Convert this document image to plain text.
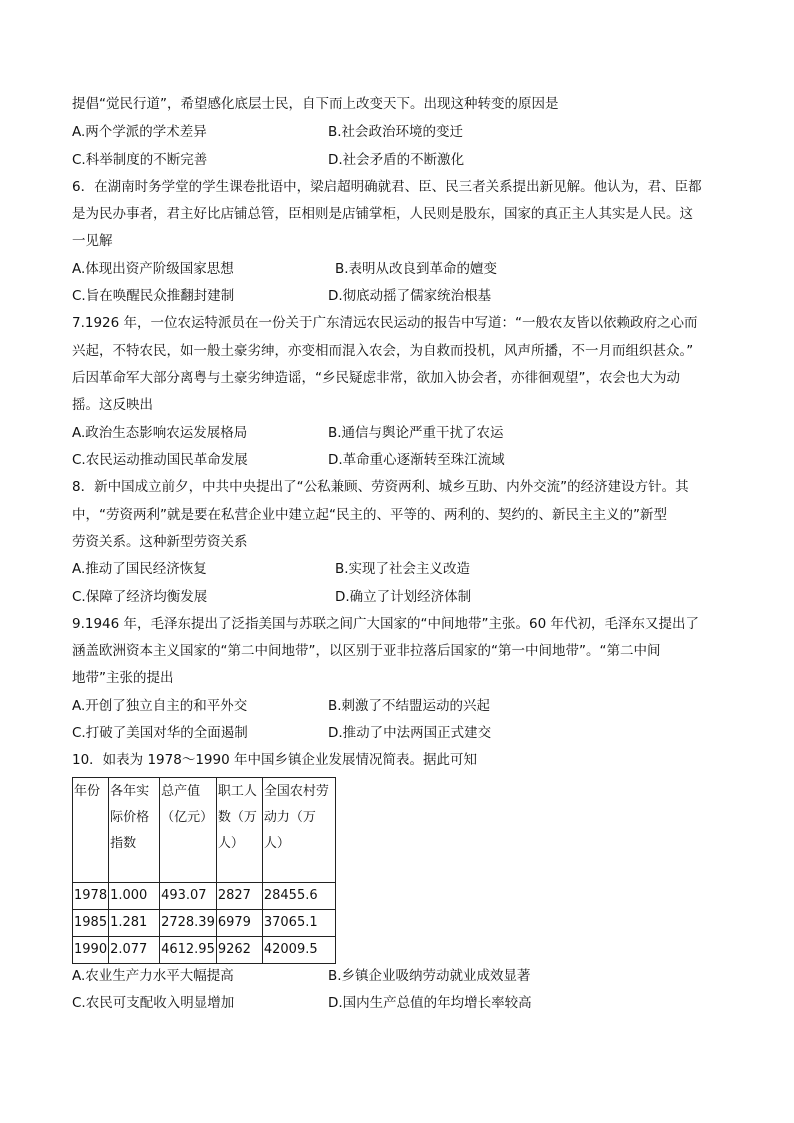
提倡“觉民行道”，希望感化底层士民，自下而上改变天下。出现这种转变的原因是
A.两个学派的学术差异	B.社会政治环境的变迁
C.科举制度的不断完善	D.社会矛盾的不断激化
6．在湖南时务学堂的学生课卷批语中，梁启超明确就君、臣、民三者关系提出新见解。他认为，君、臣都
是为民办事者，君主好比店铺总管，臣相则是店铺掌柜，人民则是股东，国家的真正主人其实是人民。这
一见解
A.体现出资产阶级国家思想	B.表明从改良到革命的嬗变
C.旨在唤醒民众推翻封建制	D.彻底动摇了儒家统治根基
7.1926 年，一位农运特派员在一份关于广东清远农民运动的报告中写道：“一般农友皆以依赖政府之心而
兴起，不特农民，如一般土豪劣绅，亦变相而混入农会，为自救而投机，风声所播，不一月而组织甚众。”
后因革命军大部分离粤与土豪劣绅造谣，“乡民疑虑非常，欲加入协会者，亦徘徊观望”，农会也大为动
摇。这反映出
A.政治生态影响农运发展格局	B.通信与舆论严重干扰了农运
C.农民运动推动国民革命发展	D.革命重心逐渐转至珠江流域
8．新中国成立前夕，中共中央提出了“公私兼顾、劳资两利、城乡互助、内外交流”的经济建设方针。其
中，“劳资两利”就是要在私营企业中建立起“民主的、平等的、两利的、契约的、新民主主义的”新型
劳资关系。这种新型劳资关系
A.推动了国民经济恢复	B.实现了社会主义改造
C.保障了经济均衡发展	D.确立了计划经济体制
9.1946 年，毛泽东提出了泛指美国与苏联之间广大国家的“中间地带”主张。60 年代初，毛泽东又提出了
涵盖欧洲资本主义国家的“第二中间地带”，以区别于亚非拉落后国家的“第一中间地带”。“第二中间
地带”主张的提出
A.开创了独立自主的和平外交	B.刺激了不结盟运动的兴起
C.打破了美国对华的全面遏制	D.推动了中法两国正式建交
10．如表为 1978～1990 年中国乡镇企业发展情况简表。据此可知
年份	各年实际价格指数	总产值（亿元）	职工人数（万人）	全国农村劳动力（万人）
1978	1.000	493.07	2827	28455.6
1985	1.281	2728.39	6979	37065.1
1990	2.077	4612.95	9262	42009.5
A.农业生产力水平大幅提高	B.乡镇企业吸纳劳动就业成效显著
C.农民可支配收入明显增加	D.国内生产总值的年均增长率较高
